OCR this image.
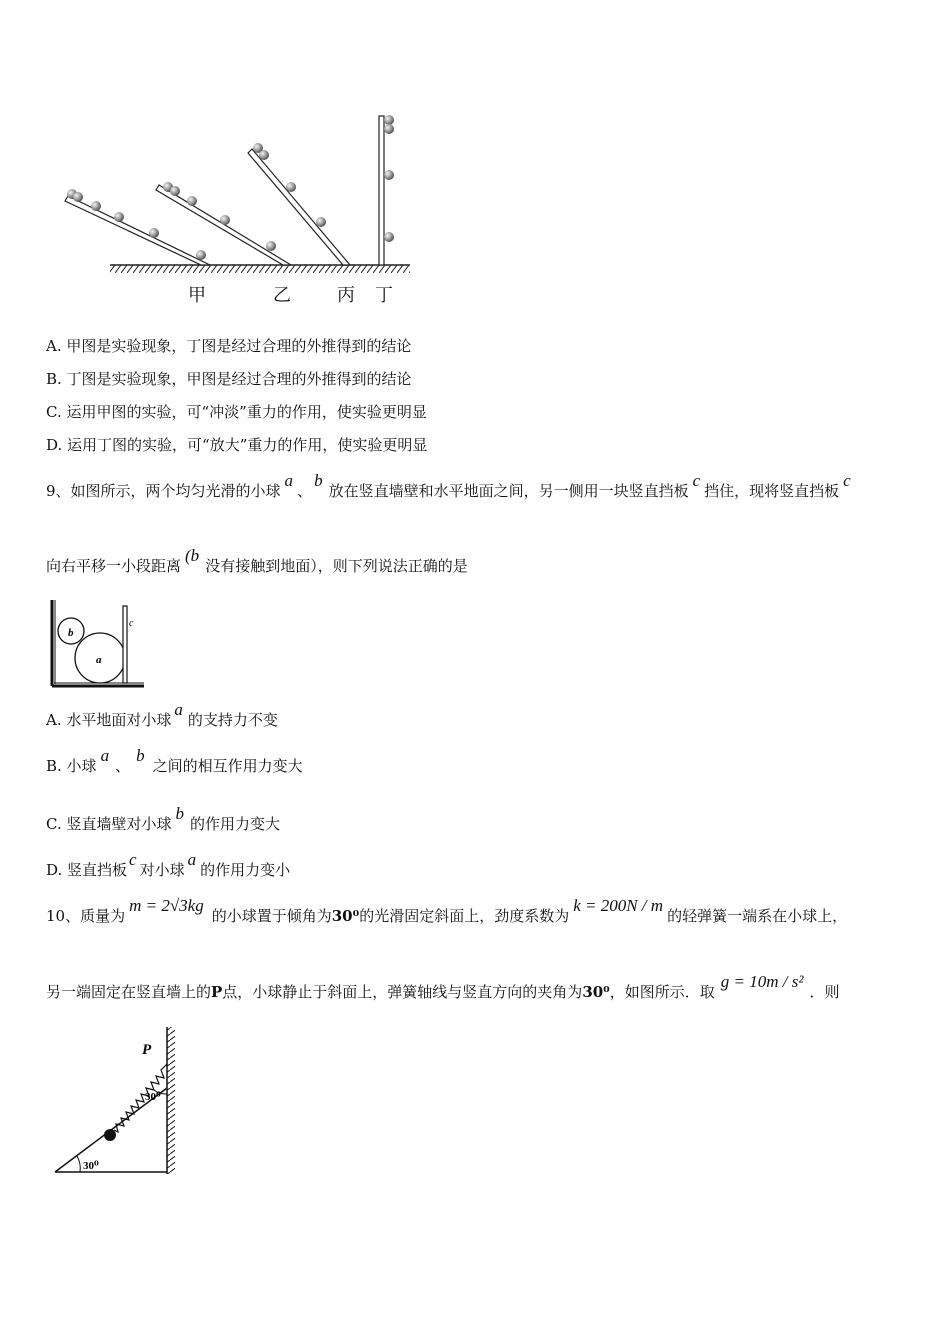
甲	乙	丙 丁
A. 甲图是实验现象，丁图是经过合理的外推得到的结论
B. 丁图是实验现象，甲图是经过合理的外推得到的结论
C. 运用甲图的实验，可“冲淡”重力的作用，使实验更明显
D. 运用丁图的实验，可“放大”重力的作用，使实验更明显
9、如图所示，两个均匀光滑的小球a、b放在竖直墙壁和水平地面之间，另一侧用一块竖直挡板c挡住，现将竖直挡板c
向右平移一小段距离(b没有接触到地面），则下列说法正确的是
b
a
c
A. 水平地面对小球a的支持力不变
B. 小球a、b之间的相互作用力变大
C. 竖直墙壁对小球b的作用力变大
D. 竖直挡板c对小球a的作用力变小
10、质量为m = 2√3kg的小球置于倾角为30⁰的光滑固定斜面上，劲度系数为k = 200N / m的轻弹簧一端系在小球上，
另一端固定在竖直墙上的P点，小球静止于斜面上，弹簧轴线与竖直方向的夹角为30⁰，如图所示．取g = 10m / s²．则
P
30⁰
30⁰
